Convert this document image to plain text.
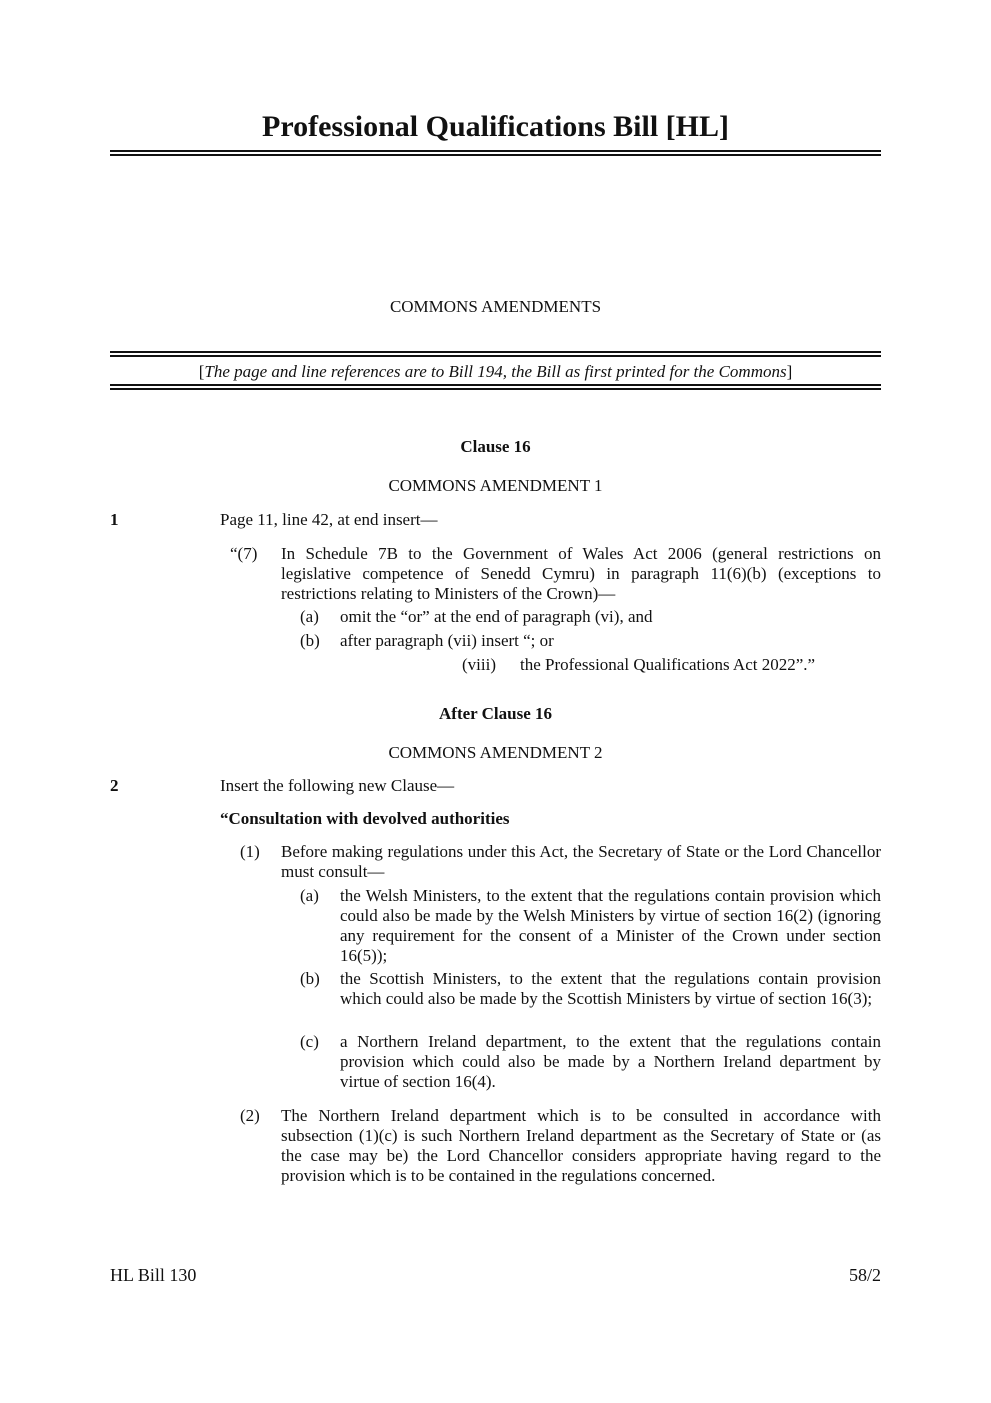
Professional Qualifications Bill [HL]
COMMONS AMENDMENTS
[The page and line references are to Bill 194, the Bill as first printed for the Commons]
Clause 16
COMMONS AMENDMENT 1
1	Page 11, line 42, at end insert—
“(7) In Schedule 7B to the Government of Wales Act 2006 (general restrictions on legislative competence of Senedd Cymru) in paragraph 11(6)(b) (exceptions to restrictions relating to Ministers of the Crown)—
(a) omit the “or” at the end of paragraph (vi), and
(b) after paragraph (vii) insert “; or
(viii) the Professional Qualifications Act 2022”.”
After Clause 16
COMMONS AMENDMENT 2
2	Insert the following new Clause—
“Consultation with devolved authorities
(1) Before making regulations under this Act, the Secretary of State or the Lord Chancellor must consult—
(a) the Welsh Ministers, to the extent that the regulations contain provision which could also be made by the Welsh Ministers by virtue of section 16(2) (ignoring any requirement for the consent of a Minister of the Crown under section 16(5));
(b) the Scottish Ministers, to the extent that the regulations contain provision which could also be made by the Scottish Ministers by virtue of section 16(3);
(c) a Northern Ireland department, to the extent that the regulations contain provision which could also be made by a Northern Ireland department by virtue of section 16(4).
(2) The Northern Ireland department which is to be consulted in accordance with subsection (1)(c) is such Northern Ireland department as the Secretary of State or (as the case may be) the Lord Chancellor considers appropriate having regard to the provision which is to be contained in the regulations concerned.
HL Bill 130	58/2
